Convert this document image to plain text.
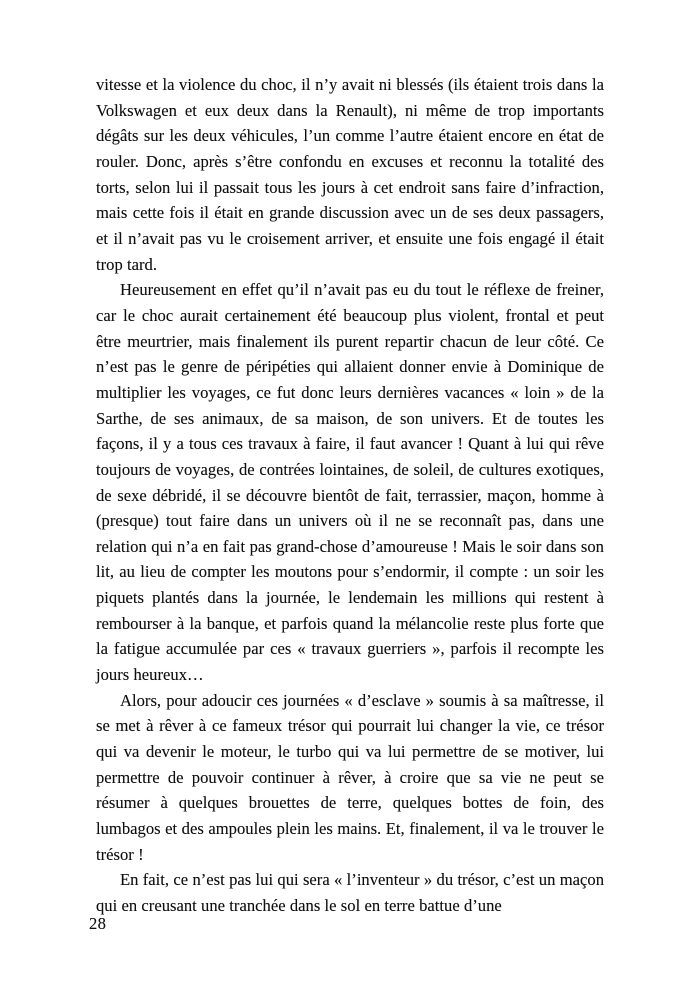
vitesse et la violence du choc, il n’y avait ni blessés (ils étaient trois dans la Volkswagen et eux deux dans la Renault), ni même de trop importants dégâts sur les deux véhicules, l’un comme l’autre étaient encore en état de rouler. Donc, après s’être confondu en excuses et reconnu la totalité des torts, selon lui il passait tous les jours à cet endroit sans faire d’infraction, mais cette fois il était en grande discussion avec un de ses deux passagers, et il n’avait pas vu le croisement arriver, et ensuite une fois engagé il était trop tard.

Heureusement en effet qu’il n’avait pas eu du tout le réflexe de freiner, car le choc aurait certainement été beaucoup plus violent, frontal et peut être meurtrier, mais finalement ils purent repartir chacun de leur côté. Ce n’est pas le genre de péripéties qui allaient donner envie à Dominique de multiplier les voyages, ce fut donc leurs dernières vacances « loin » de la Sarthe, de ses animaux, de sa maison, de son univers. Et de toutes les façons, il y a tous ces travaux à faire, il faut avancer ! Quant à lui qui rêve toujours de voyages, de contrées lointaines, de soleil, de cultures exotiques, de sexe débridé, il se découvre bientôt de fait, terrassier, maçon, homme à (presque) tout faire dans un univers où il ne se reconnaît pas, dans une relation qui n’a en fait pas grand-chose d’amoureuse ! Mais le soir dans son lit, au lieu de compter les moutons pour s’endormir, il compte : un soir les piquets plantés dans la journée, le lendemain les millions qui restent à rembourser à la banque, et parfois quand la mélancolie reste plus forte que la fatigue accumulée par ces « travaux guerriers », parfois il recompte les jours heureux…

Alors, pour adoucir ces journées « d’esclave » soumis à sa maîtresse, il se met à rêver à ce fameux trésor qui pourrait lui changer la vie, ce trésor qui va devenir le moteur, le turbo qui va lui permettre de se motiver, lui permettre de pouvoir continuer à rêver, à croire que sa vie ne peut se résumer à quelques brouettes de terre, quelques bottes de foin, des lumbagos et des ampoules plein les mains. Et, finalement, il va le trouver le trésor !

En fait, ce n’est pas lui qui sera « l’inventeur » du trésor, c’est un maçon qui en creusant une tranchée dans le sol en terre battue d’une

28
